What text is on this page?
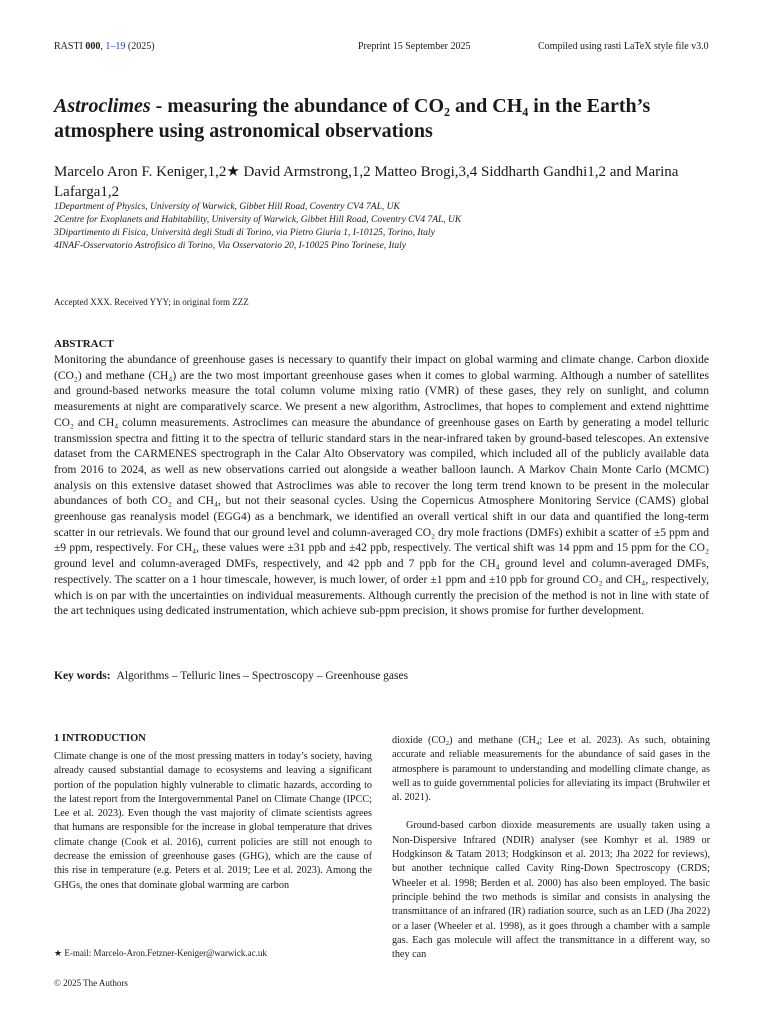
RASTI 000, 1–19 (2025)	Preprint 15 September 2025	Compiled using rasti LaTeX style file v3.0
Astroclimes - measuring the abundance of CO₂ and CH₄ in the Earth’s atmosphere using astronomical observations
Marcelo Aron F. Keniger,1,2★ David Armstrong,1,2 Matteo Brogi,3,4 Siddharth Gandhi1,2 and Marina Lafarga1,2
1Department of Physics, University of Warwick, Gibbet Hill Road, Coventry CV4 7AL, UK
2Centre for Exoplanets and Habitability, University of Warwick, Gibbet Hill Road, Coventry CV4 7AL, UK
3Dipartimento di Fisica, Università degli Studi di Torino, via Pietro Giuria 1, I-10125, Torino, Italy
4INAF-Osservatorio Astrofisico di Torino, Via Osservatorio 20, I-10025 Pino Torinese, Italy
Accepted XXX. Received YYY; in original form ZZZ
ABSTRACT

Monitoring the abundance of greenhouse gases is necessary to quantify their impact on global warming and climate change. Carbon dioxide (CO₂) and methane (CH₄) are the two most important greenhouse gases when it comes to global warming. Although a number of satellites and ground-based networks measure the total column volume mixing ratio (VMR) of these gases, they rely on sunlight, and column measurements at night are comparatively scarce. We present a new algorithm, Astroclimes, that hopes to complement and extend nighttime CO₂ and CH₄ column measurements. Astroclimes can measure the abundance of greenhouse gases on Earth by generating a model telluric transmission spectra and fitting it to the spectra of telluric standard stars in the near-infrared taken by ground-based telescopes. An extensive dataset from the CARMENES spectrograph in the Calar Alto Observatory was compiled, which included all of the publicly available data from 2016 to 2024, as well as new observations carried out alongside a weather balloon launch. A Markov Chain Monte Carlo (MCMC) analysis on this extensive dataset showed that Astroclimes was able to recover the long term trend known to be present in the molecular abundances of both CO₂ and CH₄, but not their seasonal cycles. Using the Copernicus Atmosphere Monitoring Service (CAMS) global greenhouse gas reanalysis model (EGG4) as a benchmark, we identified an overall vertical shift in our data and quantified the long-term scatter in our retrievals. We found that our ground level and column-averaged CO₂ dry mole fractions (DMFs) exhibit a scatter of ±5 ppm and ±9 ppm, respectively. For CH₄, these values were ±31 ppb and ±42 ppb, respectively. The vertical shift was 14 ppm and 15 ppm for the CO₂ ground level and column-averaged DMFs, respectively, and 42 ppb and 7 ppb for the CH₄ ground level and column-averaged DMFs, respectively. The scatter on a 1 hour timescale, however, is much lower, of order ±1 ppm and ±10 ppb for ground CO₂ and CH₄, respectively, which is on par with the uncertainties on individual measurements. Although currently the precision of the method is not in line with state of the art techniques using dedicated instrumentation, which achieve sub-ppm precision, it shows promise for further development.

Key words: Algorithms – Telluric lines – Spectroscopy – Greenhouse gases
1 INTRODUCTION

Climate change is one of the most pressing matters in today’s society, having already caused substantial damage to ecosystems and leaving a significant portion of the population highly vulnerable to climatic hazards, according to the latest report from the Intergovernmental Panel on Climate Change (IPCC; Lee et al. 2023). Even though the vast majority of climate scientists agrees that humans are responsible for the increase in global temperature that drives climate change (Cook et al. 2016), current policies are still not enough to decrease the emission of greenhouse gases (GHG), which are the cause of this rise in temperature (e.g. Peters et al. 2019; Lee et al. 2023). Among the GHGs, the ones that dominate global warming are carbon

dioxide (CO₂) and methane (CH₄; Lee et al. 2023). As such, obtaining accurate and reliable measurements for the abundance of said gases in the atmosphere is paramount to understanding and modelling climate change, as well as to guide governmental policies for alleviating its impact (Bruhwiler et al. 2021).

Ground-based carbon dioxide measurements are usually taken using a Non-Dispersive Infrared (NDIR) analyser (see Komhyr et al. 1989 or Hodgkinson & Tatam 2013; Hodgkinson et al. 2013; Jha 2022 for reviews), but another technique called Cavity Ring-Down Spectroscopy (CRDS; Wheeler et al. 1998; Berden et al. 2000) has also been employed. The basic principle behind the two methods is similar and consists in analysing the transmittance of an infrared (IR) radiation source, such as an LED (Jha 2022) or a laser (Wheeler et al. 1998), as it goes through a chamber with a sample gas. Each gas molecule will affect the transmittance in a different way, so they can

★ E-mail: Marcelo-Aron.Fetzner-Keniger@warwick.ac.uk
© 2025 The Authors
